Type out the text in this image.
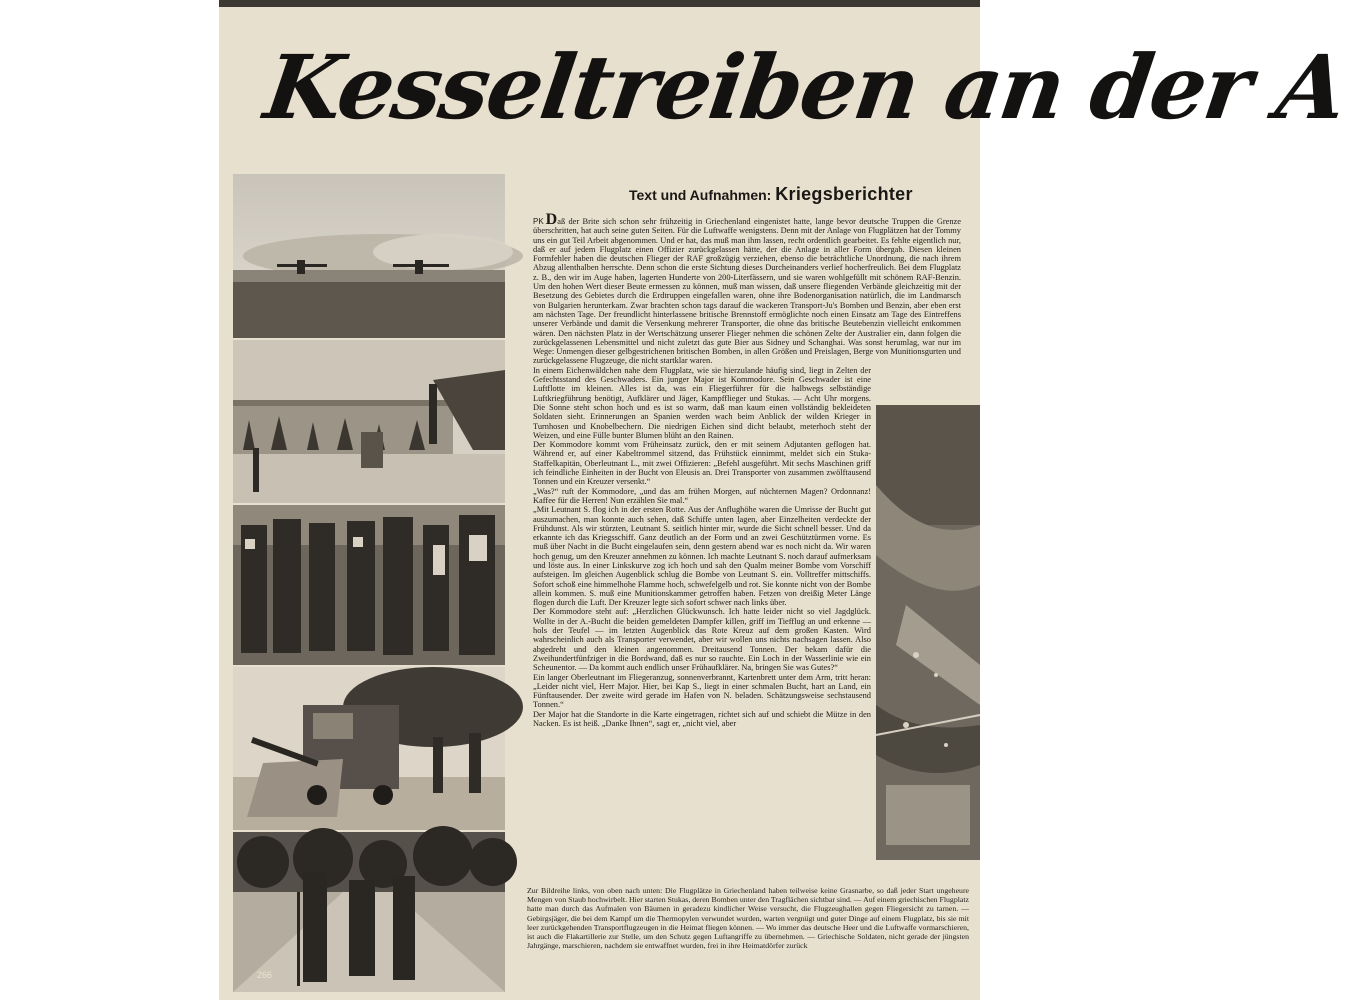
Kesseltreiben an der A
Text und Aufnahmen: Kriegsberichter
266

PK Daß der Brite sich schon sehr frühzeitig in Griechenland eingenistet hatte, lange bevor deutsche Truppen die Grenze überschritten, hat auch seine guten Seiten. Für die Luftwaffe wenigstens. Denn mit der Anlage von Flugplätzen hat der Tommy uns ein gut Teil Arbeit abgenommen. Und er hat, das muß man ihm lassen, recht ordentlich gearbeitet. Es fehlte eigentlich nur, daß er auf jedem Flugplatz einen Offizier zurückgelassen hätte, der die Anlage in aller Form übergab. Diesen kleinen Formfehler haben die deutschen Flieger der RAF großzügig verziehen, ebenso die beträchtliche Unordnung, die nach ihrem Abzug allenthalben herrschte. Denn schon die erste Sichtung dieses Durcheinanders verlief hocherfreulich. Bei dem Flugplatz z. B., den wir im Auge haben, lagerten Hunderte von 200-Literfässern, und sie waren wohlgefüllt mit schönem RAF-Benzin. Um den hohen Wert dieser Beute ermessen zu können, muß man wissen, daß unsere fliegenden Verbände gleichzeitig mit der Besetzung des Gebietes durch die Erdtruppen eingefallen waren, ohne ihre Bodenorganisation natürlich, die im Landmarsch von Bulgarien herunterkam. Zwar brachten schon tags darauf die wackeren Transport-Ju's Bomben und Benzin, aber eben erst am nächsten Tage. Der freundlicht hinterlassene britische Brennstoff ermöglichte noch einen Einsatz am Tage des Eintreffens unserer Verbände und damit die Versenkung mehrerer Transporter, die ohne das britische Beutebenzin vielleicht entkommen wären. Den nächsten Platz in der Wertschätzung unserer Flieger nehmen die schönen Zelte der Australier ein, dann folgen die zurückgelassenen Lebensmittel und nicht zuletzt das gute Bier aus Sidney und Schanghai. Was sonst herumlag, war nur im Wege: Unmengen dieser gelbgestrichenen britischen Bomben, in allen Größen und Preislagen, Berge von Munitionsgurten und zurückgelassene Flugzeuge, die nicht startklar waren.

In einem Eichenwäldchen nahe dem Flugplatz, wie sie hierzulande häufig sind, liegt in Zelten der Gefechtsstand des Geschwaders. Ein junger Major ist Kommodore. Sein Geschwader ist eine Luftflotte im kleinen. Alles ist da, was ein Fliegerführer für die halbwegs selbständige Luftkriegführung benötigt, Aufklärer und Jäger, Kampfflieger und Stukas. — Acht Uhr morgens. Die Sonne steht schon hoch und es ist so warm, daß man kaum einen vollständig bekleideten Soldaten sieht. Erinnerungen an Spanien werden wach beim Anblick der wilden Krieger in Turnhosen und Knobelbechern. Die niedrigen Eichen sind dicht belaubt, meterhoch steht der Weizen, und eine Fülle bunter Blumen blüht an den Rainen.

Der Kommodore kommt vom Früheinsatz zurück, den er mit seinem Adjutanten geflogen hat. Während er, auf einer Kabeltrommel sitzend, das Frühstück einnimmt, meldet sich ein Stuka-Staffelkapitän, Oberleutnant L., mit zwei Offizieren: „Befehl ausgeführt. Mit sechs Maschinen griff ich feindliche Einheiten in der Bucht von Eleusis an. Drei Transporter von zusammen zwölftausend Tonnen und ein Kreuzer versenkt.“

„Was?“ ruft der Kommodore, „und das am frühen Morgen, auf nüchternen Magen? Ordonnanz! Kaffee für die Herren! Nun erzählen Sie mal.“

„Mit Leutnant S. flog ich in der ersten Rotte. Aus der Anflughöhe waren die Umrisse der Bucht gut auszumachen, man konnte auch sehen, daß Schiffe unten lagen, aber Einzelheiten verdeckte der Frühdunst. Als wir stürzten, Leutnant S. seitlich hinter mir, wurde die Sicht schnell besser. Und da erkannte ich das Kriegsschiff. Ganz deutlich an der Form und an zwei Geschütztürmen vorne. Es muß über Nacht in die Bucht eingelaufen sein, denn gestern abend war es noch nicht da. Wir waren hoch genug, um den Kreuzer annehmen zu können. Ich machte Leutnant S. noch darauf aufmerksam und löste aus. In einer Linkskurve zog ich hoch und sah den Qualm meiner Bombe vom Vorschiff aufsteigen. Im gleichen Augenblick schlug die Bombe von Leutnant S. ein. Volltreffer mittschiffs. Sofort schoß eine himmelhohe Flamme hoch, schwefelgelb und rot. Sie konnte nicht von der Bombe allein kommen. S. muß eine Munitionskammer getroffen haben. Fetzen von dreißig Meter Länge flogen durch die Luft. Der Kreuzer legte sich sofort schwer nach links über.

Der Kommodore steht auf: „Herzlichen Glückwunsch. Ich hatte leider nicht so viel Jagdglück. Wollte in der A.-Bucht die beiden gemeldeten Dampfer killen, griff im Tiefflug an und erkenne — hols der Teufel — im letzten Augenblick das Rote Kreuz auf dem großen Kasten. Wird wahrscheinlich auch als Transporter verwendet, aber wir wollen uns nichts nachsagen lassen. Also abgedreht und den kleinen angenommen. Dreitausend Tonnen. Der bekam dafür die Zweihundertfünfziger in die Bordwand, daß es nur so rauchte. Ein Loch in der Wasserlinie wie ein Scheunentor. — Da kommt auch endlich unser Frühaufklärer. Na, bringen Sie was Gutes?“

Ein langer Oberleutnant im Fliegeranzug, sonnenverbrannt, Kartenbrett unter dem Arm, tritt heran: „Leider nicht viel, Herr Major. Hier, bei Kap S., liegt in einer schmalen Bucht, hart an Land, ein Fünftausender. Der zweite wird gerade im Hafen von N. beladen. Schätzungsweise sechstausend Tonnen.“

Der Major hat die Standorte in die Karte eingetragen, richtet sich auf und schiebt die Mütze in den Nacken. Es ist heiß. „Danke Ihnen“, sagt er, „nicht viel, aber

Zur Bildreihe links, von oben nach unten: Die Flugplätze in Griechenland haben teilweise keine Grasnarbe, so daß jeder Start ungeheure Mengen von Staub hochwirbelt. Hier starten Stukas, deren Bomben unter den Tragflächen sichtbar sind. — Auf einem griechischen Flugplatz hatte man durch das Aufmalen von Bäumen in geradezu kindlicher Weise versucht, die Flugzeughallen gegen Fliegersicht zu tarnen. — Gebirgsjäger, die bei dem Kampf um die Thermopylen verwundet wurden, warten vergnügt und guter Dinge auf einem Flugplatz, bis sie mit leer zurückgehenden Transportflugzeugen in die Heimat fliegen können. — Wo immer das deutsche Heer und die Luftwaffe vormarschieren, ist auch die Flakartillerie zur Stelle, um den Schutz gegen Luftangriffe zu übernehmen. — Griechische Soldaten, nicht gerade der jüngsten Jahrgänge, marschieren, nachdem sie entwaffnet wurden, frei in ihre Heimatdörfer zurück
